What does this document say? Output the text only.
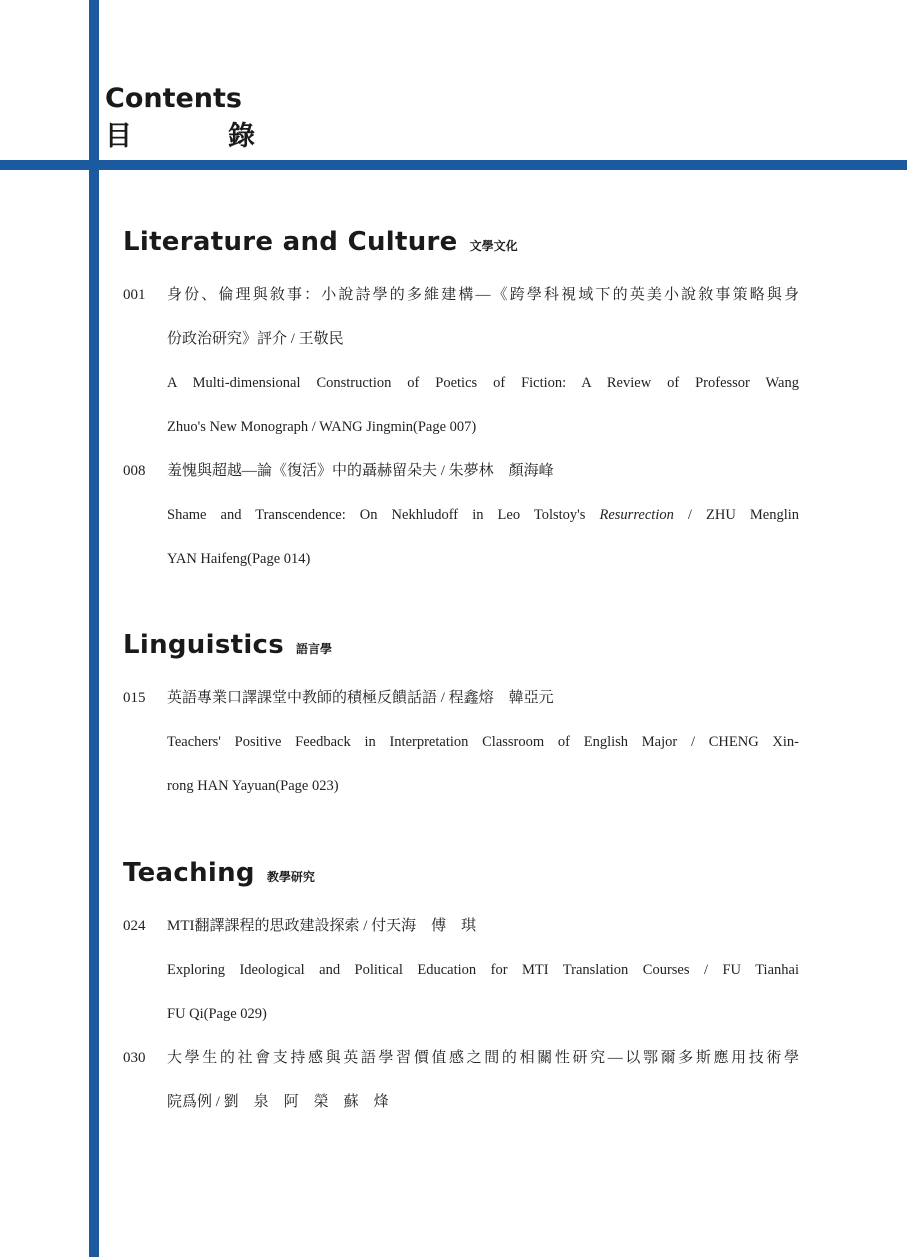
Contents
目	錄
Literature and Culture 文學文化
001	身份、倫理與敘事：小說詩學的多維建構—《跨學科視域下的英美小說敘事策略與身
份政治研究》評介 / 王敬民
A Multi-dimensional Construction of Poetics of Fiction: A Review of Professor Wang
Zhuo's New Monograph / WANG Jingmin(Page 007)
008	羞愧與超越—論《復活》中的聶赫留朵夫 / 朱夢林　顏海峰
Shame and Transcendence: On Nekhludoff in Leo Tolstoy's Resurrection / ZHU Menglin
YAN Haifeng(Page 014)
Linguistics 語言學
015	英語專業口譯課堂中教師的積極反饋話語 / 程鑫熔　韓亞元
Teachers' Positive Feedback in Interpretation Classroom of English Major / CHENG Xin-
rong HAN Yayuan(Page 023)
Teaching 教學研究
024	MTI翻譯課程的思政建設探索 / 付天海　傅　琪
Exploring Ideological and Political Education for MTI Translation Courses / FU Tianhai
FU Qi(Page 029)
030	大學生的社會支持感與英語學習價值感之間的相關性研究—以鄂爾多斯應用技術學
院爲例 / 劉　泉　阿　榮　蘇　烽
